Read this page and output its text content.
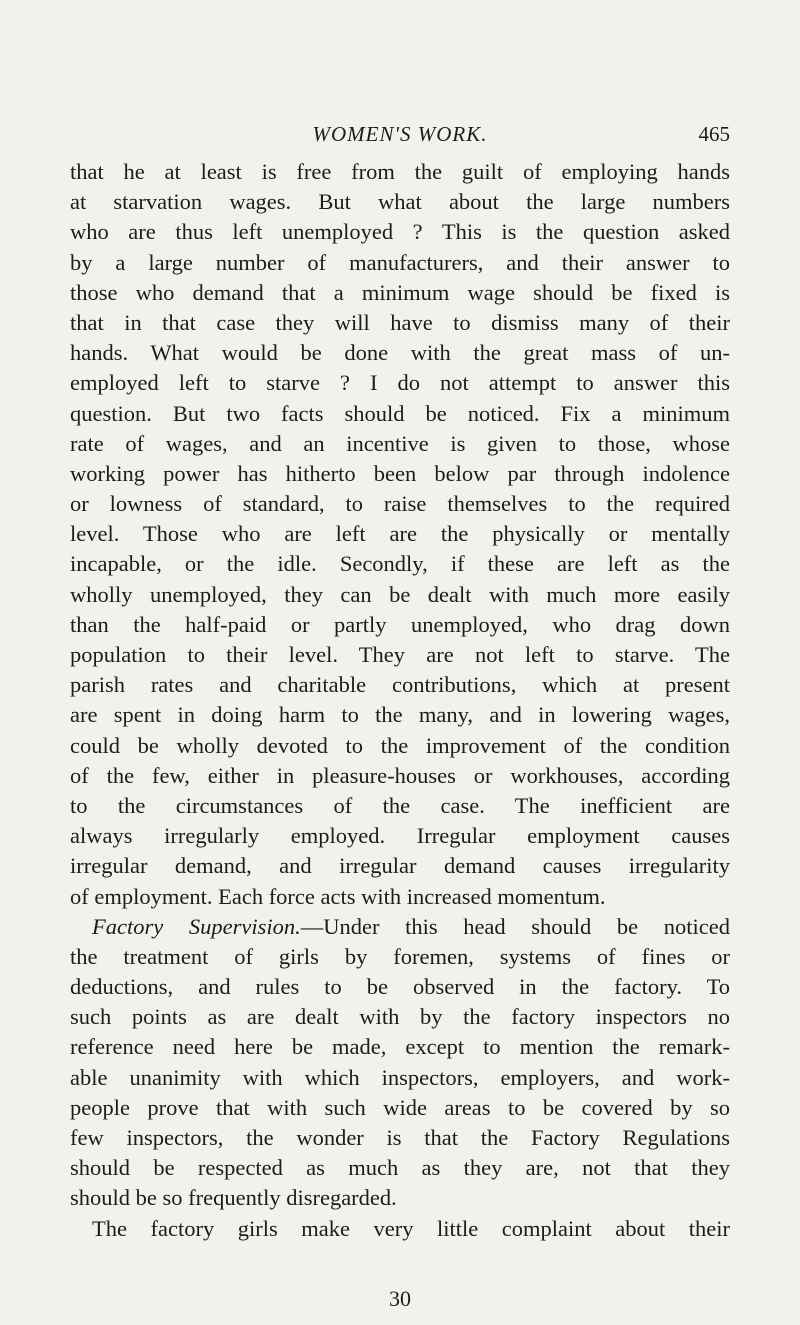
WOMEN'S WORK.	465
that he at least is free from the guilt of employing hands
at starvation wages. But what about the large numbers
who are thus left unemployed ? This is the question asked
by a large number of manufacturers, and their answer to
those who demand that a minimum wage should be fixed is
that in that case they will have to dismiss many of their
hands. What would be done with the great mass of un-
employed left to starve ? I do not attempt to answer this
question. But two facts should be noticed. Fix a minimum
rate of wages, and an incentive is given to those, whose
working power has hitherto been below par through indolence
or lowness of standard, to raise themselves to the required
level. Those who are left are the physically or mentally
incapable, or the idle. Secondly, if these are left as the
wholly unemployed, they can be dealt with much more easily
than the half-paid or partly unemployed, who drag down
population to their level. They are not left to starve. The
parish rates and charitable contributions, which at present
are spent in doing harm to the many, and in lowering wages,
could be wholly devoted to the improvement of the condition
of the few, either in pleasure-houses or workhouses, according
to the circumstances of the case. The inefficient are
always irregularly employed. Irregular employment causes
irregular demand, and irregular demand causes irregularity
of employment. Each force acts with increased momentum.
Factory Supervision.—Under this head should be noticed
the treatment of girls by foremen, systems of fines or
deductions, and rules to be observed in the factory. To
such points as are dealt with by the factory inspectors no
reference need here be made, except to mention the remark-
able unanimity with which inspectors, employers, and work-
people prove that with such wide areas to be covered by so
few inspectors, the wonder is that the Factory Regulations
should be respected as much as they are, not that they
should be so frequently disregarded.
The factory girls make very little complaint about their
30
